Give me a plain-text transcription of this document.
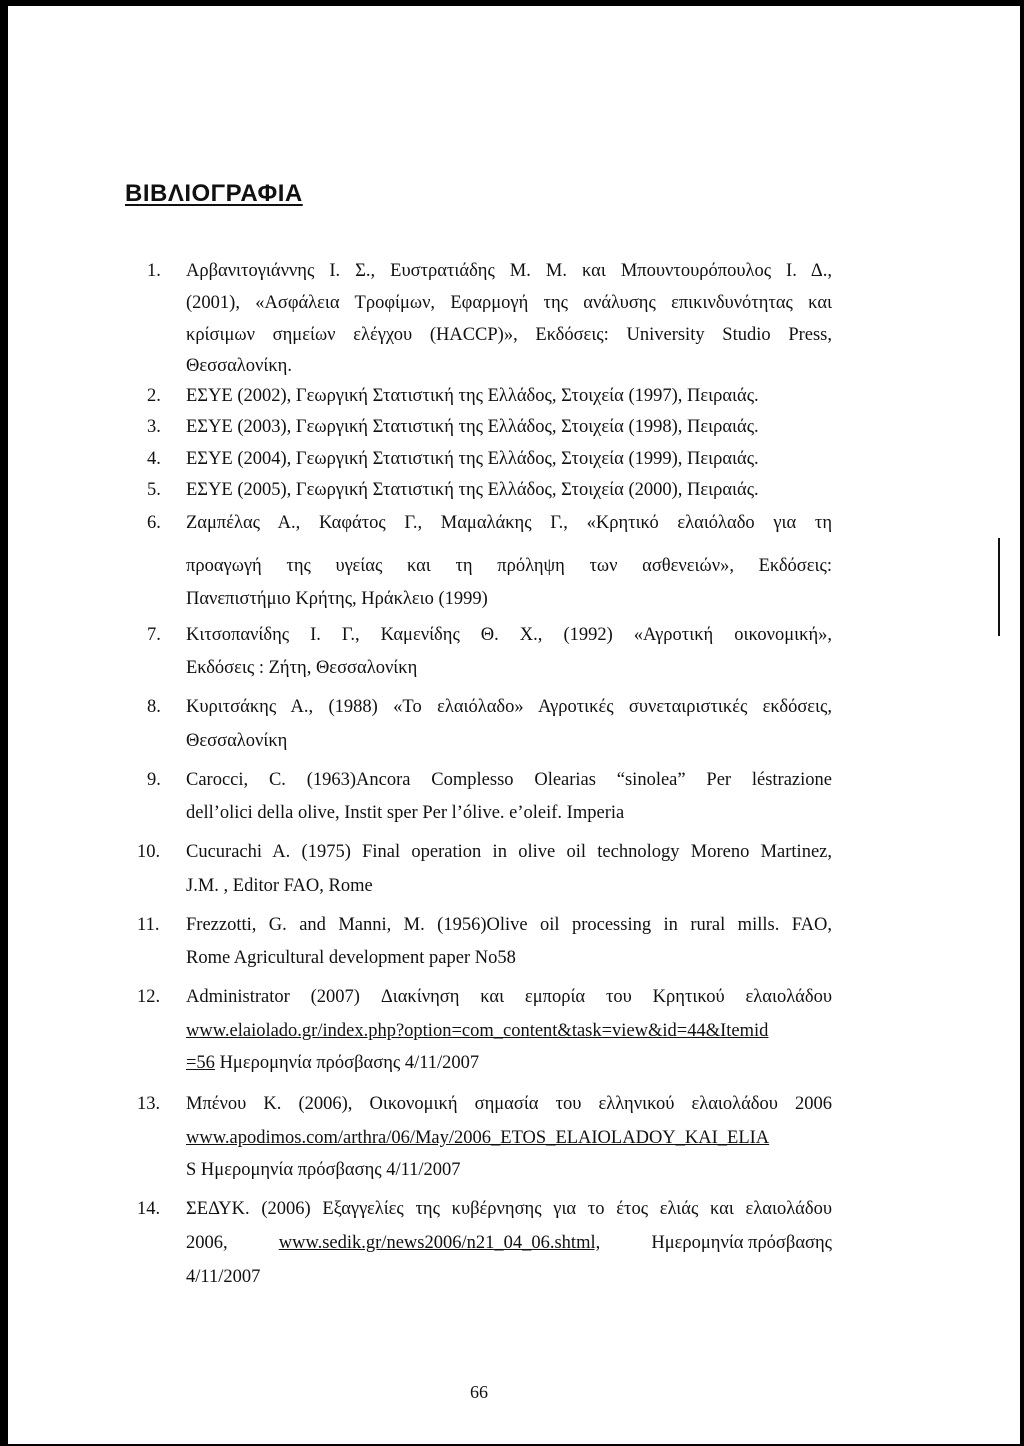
ΒΙΒΛΙΟΓΡΑΦΙΑ
1. Αρβανιτογιάννης Ι. Σ., Ευστρατιάδης Μ. Μ. και Μπουντουρόπουλος Ι. Δ.,
(2001), «Ασφάλεια Τροφίμων, Εφαρμογή της ανάλυσης επικινδυνότητας και
κρίσιμων σημείων ελέγχου (HACCP)», Εκδόσεις: University Studio Press,
Θεσσαλονίκη.
2. ΕΣΥΕ (2002), Γεωργική Στατιστική της Ελλάδος, Στοιχεία (1997), Πειραιάς.
3. ΕΣΥΕ (2003), Γεωργική Στατιστική της Ελλάδος, Στοιχεία (1998), Πειραιάς.
4. ΕΣΥΕ (2004), Γεωργική Στατιστική της Ελλάδος, Στοιχεία (1999), Πειραιάς.
5. ΕΣΥΕ (2005), Γεωργική Στατιστική της Ελλάδος, Στοιχεία (2000), Πειραιάς.
6. Ζαμπέλας Α., Καφάτος Γ., Μαμαλάκης Γ., «Κρητικό ελαιόλαδο για τη
προαγωγή της υγείας και τη πρόληψη των ασθενειών», Εκδόσεις:
Πανεπιστήμιο Κρήτης, Ηράκλειο (1999)
7. Κιτσοπανίδης Ι. Γ., Καμενίδης Θ. Χ., (1992) «Αγροτική οικονομική»,
Εκδόσεις : Ζήτη, Θεσσαλονίκη
8. Κυριτσάκης Α., (1988) «Το ελαιόλαδο» Αγροτικές συνεταιριστικές εκδόσεις,
Θεσσαλονίκη
9. Carocci, C. (1963)Ancora Complesso Olearias “sinolea” Per léstrazione
dell’olici della olive, Instit sper Per l’ólive. e’oleif. Imperia
10. Cucurachi A. (1975) Final operation in olive oil technology Moreno Martinez,
J.M. , Editor FAO, Rome
11. Frezzotti, G. and Manni, M. (1956)Olive oil processing in rural mills. FAO,
Rome Agricultural development paper No58
12. Administrator (2007) Διακίνηση και εμπορία του Κρητικού ελαιολάδου
www.elaiolado.gr/index.php?option=com_content&task=view&id=44&Itemid
=56 Ημερομηνία πρόσβασης 4/11/2007
13. Μπένου Κ. (2006), Οικονομική σημασία του ελληνικού ελαιολάδου 2006
www.apodimos.com/arthra/06/May/2006_ETOS_ELAIOLADOY_KAI_ELIA
S Ημερομηνία πρόσβασης 4/11/2007
14. ΣΕΔΥΚ. (2006) Εξαγγελίες της κυβέρνησης για το έτος ελιάς και ελαιολάδου
2006,	www.sedik.gr/news2006/n21_04_06.shtml,	Ημερομηνία πρόσβασης
4/11/2007
66
